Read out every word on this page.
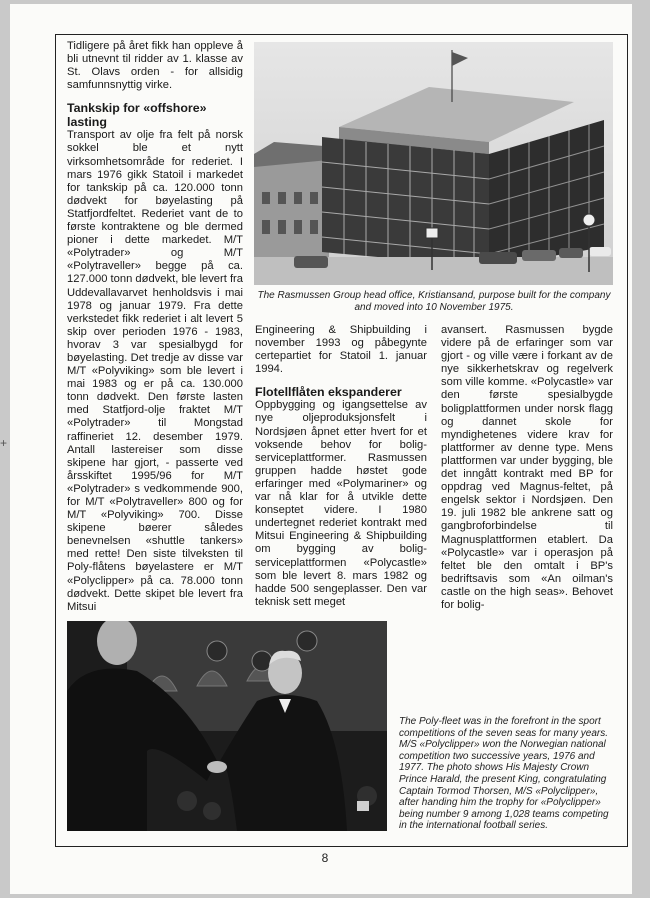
+

Tidligere på året fikk han oppleve å bli utnevnt til ridder av 1. klasse av St. Olavs orden - for allsidig samfunnsnyttig virke.

Tankskip for «offshore» lasting

Transport av olje fra felt på norsk sokkel ble et nytt virksomhetsområde for rederiet. I mars 1976 gikk Statoil i markedet for tankskip på ca. 120.000 tonn dødvekt for bøyelasting på Statfjordfeltet. Rederiet vant de to første kontraktene og ble dermed pioner i dette markedet. M/T «Polytrader» og M/T «Polytraveller» begge på ca. 127.000 tonn dødvekt, ble levert fra Uddevallavarvet henholdsvis i mai 1978 og januar 1979. Fra dette verkstedet fikk rederiet i alt levert 5 skip over perioden 1976 - 1983, hvorav 3 var spesialbygd for bøyelasting. Det tredje av disse var M/T «Polyviking» som ble levert i mai 1983 og er på ca. 130.000 tonn dødvekt. Den første lasten med Statfjord-olje fraktet M/T «Polytrader» til Mongstad raffineriet 12. desember 1979. Antall lastereiser som disse skipene har gjort, - passerte ved årsskiftet 1995/96 for M/T «Polytrader» s vedkommende 900, for M/T «Polytraveller» 800 og for M/T «Polyviking» 700. Disse skipene bøerer således benevnelsen «shuttle tankers» med rette! Den siste tilveksten til Poly-flåtens bøyelastere er M/T «Polyclipper» på ca. 78.000 tonn dødvekt. Dette skipet ble levert fra Mitsui

The Rasmussen Group head office, Kristiansand, purpose built for the company and moved into 10 November 1975.

Engineering & Shipbuilding i november 1993 og påbegynte certepartiet for Statoil 1. januar 1994.

Flotellflåten ekspanderer

Oppbygging og igangsettelse av nye oljeproduksjonsfelt i Nordsjøen åpnet etter hvert for et voksende behov for bolig-serviceplattformer. Rasmussen gruppen hadde høstet gode erfaringer med «Polymariner» og var nå klar for å utvikle dette konseptet videre. I 1980 undertegnet rederiet kontrakt med Mitsui Engineering & Shipbuilding om bygging av bolig-serviceplattformen «Polycastle» som ble levert 8. mars 1982 og hadde 500 sengeplasser. Den var teknisk sett meget

avansert. Rasmussen bygde videre på de erfaringer som var gjort - og ville være i forkant av de nye sikkerhetskrav og regelverk som ville komme. «Polycastle» var den første spesialbygde boligplattformen under norsk flagg og dannet skole for myndighetenes videre krav for plattformer av denne type. Mens plattformen var under bygging, ble det inngått kontrakt med BP for oppdrag ved Magnus-feltet, på engelsk sektor i Nordsjøen. Den 19. juli 1982 ble ankrene satt og gangbroforbindelse til Magnusplattformen etablert. Da «Polycastle» var i operasjon på feltet ble den omtalt i BP's bedriftsavis som «An oilman's castle on the high seas». Behovet for bolig-

The Poly-fleet was in the forefront in the sport competitions of the seven seas for many years. M/S «Polyclipper» won the Norwegian national competition two successive years, 1976 and 1977. The photo shows His Majesty Crown Prince Harald, the present King, congratulating Captain Tormod Thorsen, M/S «Polyclipper», after handing him the trophy for «Polyclipper» being number 9 among 1,028 teams competing in the international football series.
8
